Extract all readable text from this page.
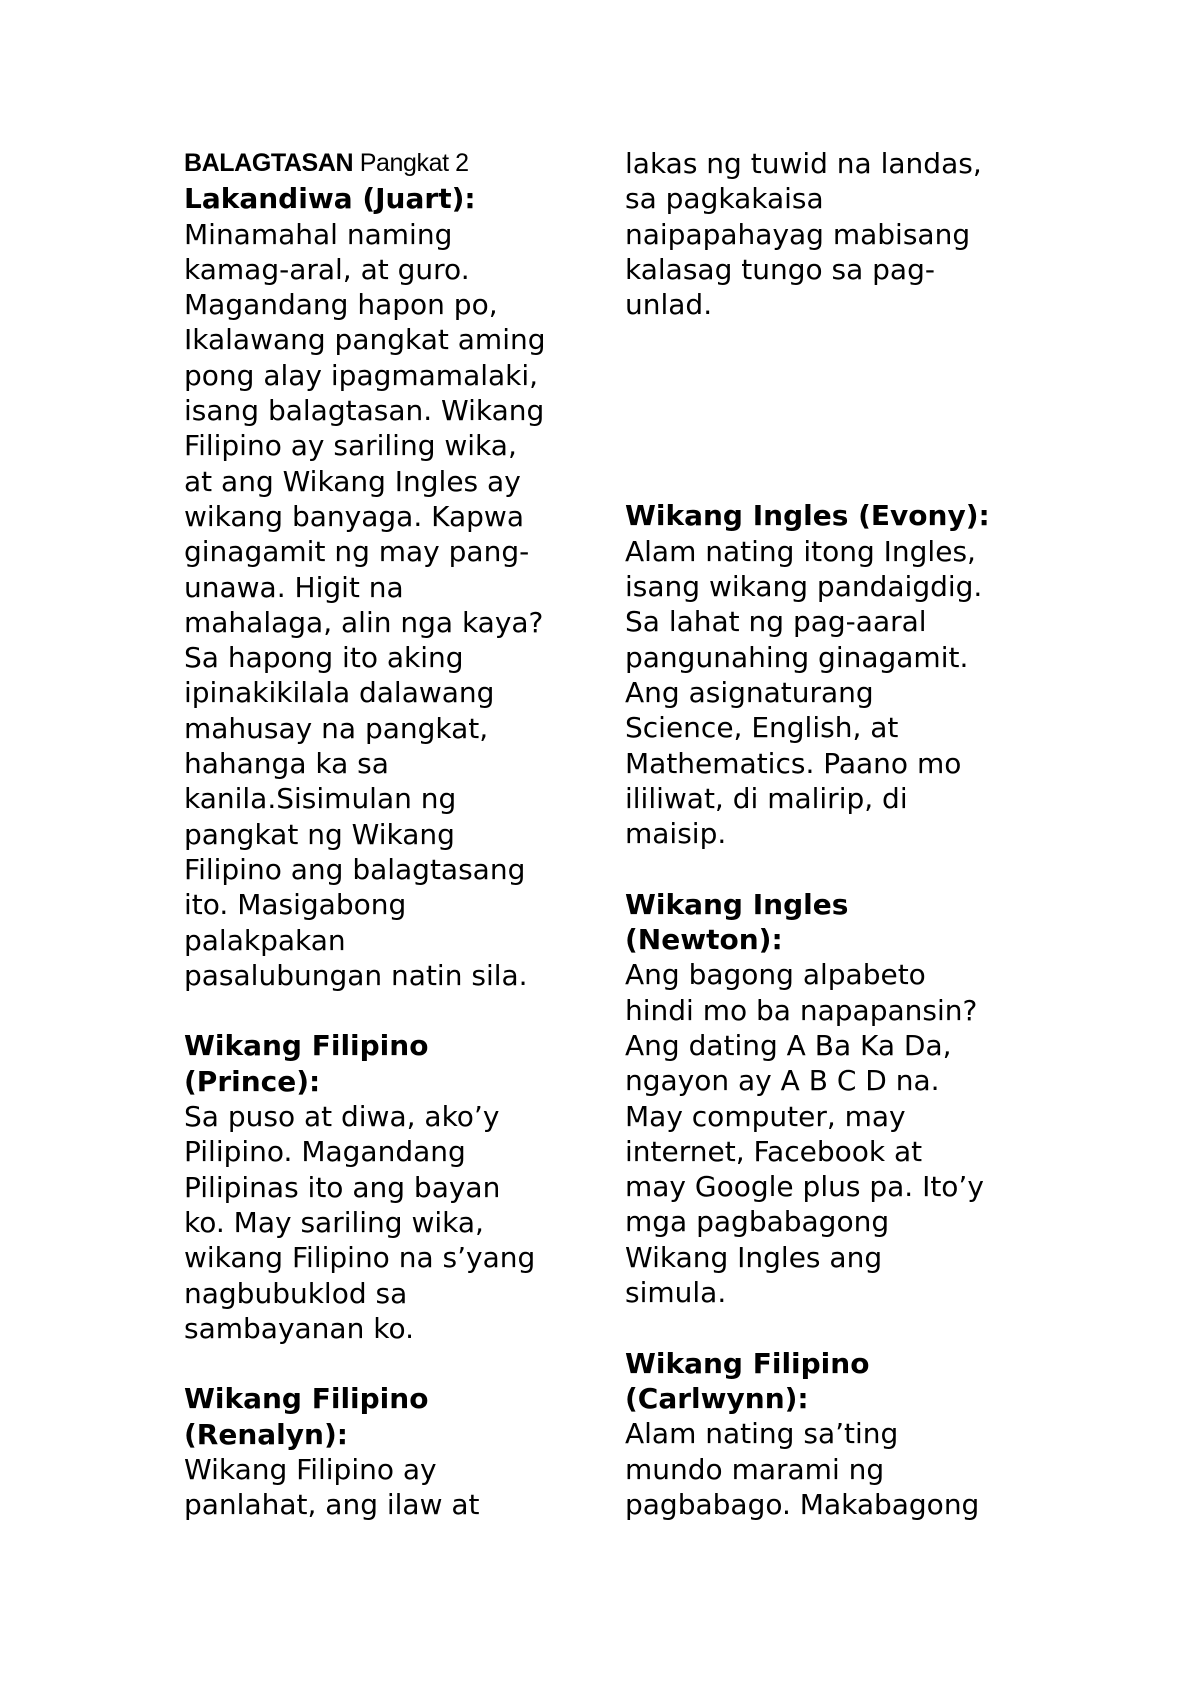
BALAGTASAN Pangkat 2
Lakandiwa (Juart):
Minamahal naming
kamag-aral, at guro.
Magandang hapon po,
Ikalawang pangkat aming
pong alay ipagmamalaki,
isang balagtasan. Wikang
Filipino ay sariling wika,
at ang Wikang Ingles ay
wikang banyaga. Kapwa
ginagamit ng may pang-
unawa. Higit na
mahalaga, alin nga kaya?
Sa hapong ito aking
ipinakikilala dalawang
mahusay na pangkat,
hahanga ka sa
kanila.Sisimulan ng
pangkat ng Wikang
Filipino ang balagtasang
ito. Masigabong
palakpakan
pasalubungan natin sila.
Wikang Filipino
(Prince):
Sa puso at diwa, ako’y
Pilipino. Magandang
Pilipinas ito ang bayan
ko. May sariling wika,
wikang Filipino na s’yang
nagbubuklod sa
sambayanan ko.
Wikang Filipino
(Renalyn):
Wikang Filipino ay
panlahat, ang ilaw at
lakas ng tuwid na landas,
sa pagkakaisa
naipapahayag mabisang
kalasag tungo sa pag-
unlad.
Wikang Ingles (Evony):
Alam nating itong Ingles,
isang wikang pandaigdig.
Sa lahat ng pag-aaral
pangunahing ginagamit.
Ang asignaturang
Science, English, at
Mathematics. Paano mo
ililiwat, di malirip, di
maisip.
Wikang Ingles
(Newton):
Ang bagong alpabeto
hindi mo ba napapansin?
Ang dating A Ba Ka Da,
ngayon ay A B C D na.
May computer, may
internet, Facebook at
may Google plus pa. Ito’y
mga pagbabagong
Wikang Ingles ang
simula.
Wikang Filipino
(Carlwynn):
Alam nating sa’ting
mundo marami ng
pagbabago. Makabagong
